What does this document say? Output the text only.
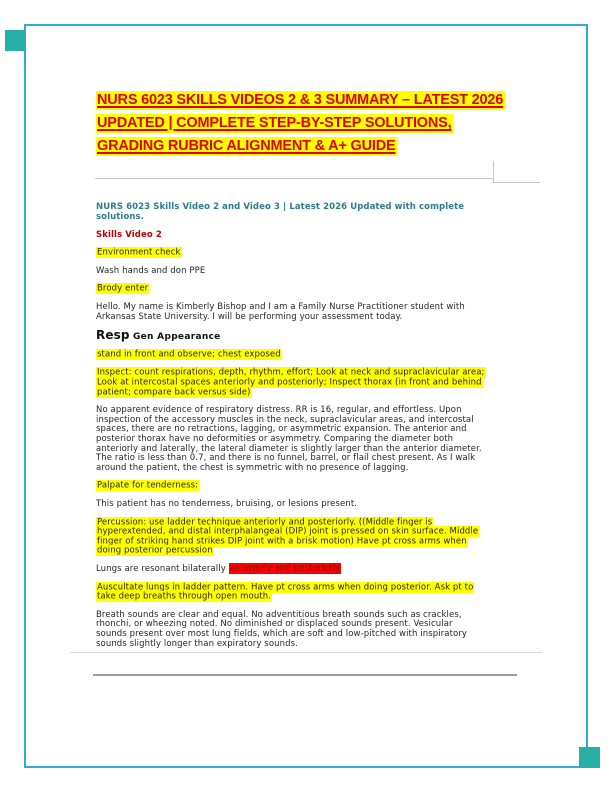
NURS 6023 SKILLS VIDEOS 2 & 3 SUMMARY – LATEST 2026 UPDATED | COMPLETE STEP-BY-STEP SOLUTIONS, GRADING RUBRIC ALIGNMENT & A+ GUIDE

NURS 6023 Skills Video 2 and Video 3 | Latest 2026 Updated with complete solutions.

Skills Video 2

Environment check

Wash hands and don PPE

Brody enter

Hello. My name is Kimberly Bishop and I am a Family Nurse Practitioner student with Arkansas State University. I will be performing your assessment today.

Resp Gen Appearance

stand in front and observe; chest exposed

Inspect: count respirations, depth, rhythm, effort; Look at neck and supraclavicular area; Look at intercostal spaces anteriorly and posteriorly; Inspect thorax (in front and behind patient; compare back versus side)

No apparent evidence of respiratory distress. RR is 16, regular, and effortless. Upon inspection of the accessory muscles in the neck, supraclavicular areas, and intercostal spaces, there are no retractions, lagging, or asymmetric expansion. The anterior and posterior thorax have no deformities or asymmetry. Comparing the diameter both anteriorly and laterally, the lateral diameter is slightly larger than the anterior diameter. The ratio is less than 0.7, and there is no funnel, barrel, or flail chest present. As I walk around the patient, the chest is symmetric with no presence of lagging.

Palpate for tenderness:

This patient has no tenderness, bruising, or lesions present.

Percussion: use ladder technique anteriorly and posteriorly. ((Middle finger is hyperextended, and distal interphalangeal (DIP) joint is pressed on skin surface. Middle finger of striking hand strikes DIP joint with a brisk motion) Have pt cross arms when doing posterior percussion

Lungs are resonant bilaterally anteriorly and posteriorly

Auscultate lungs in ladder pattern. Have pt cross arms when doing posterior. Ask pt to take deep breaths through open mouth.

Breath sounds are clear and equal. No adventitious breath sounds such as crackles, rhonchi, or wheezing noted. No diminished or displaced sounds present. Vesicular sounds present over most lung fields, which are soft and low-pitched with inspiratory sounds slightly longer than expiratory sounds.
